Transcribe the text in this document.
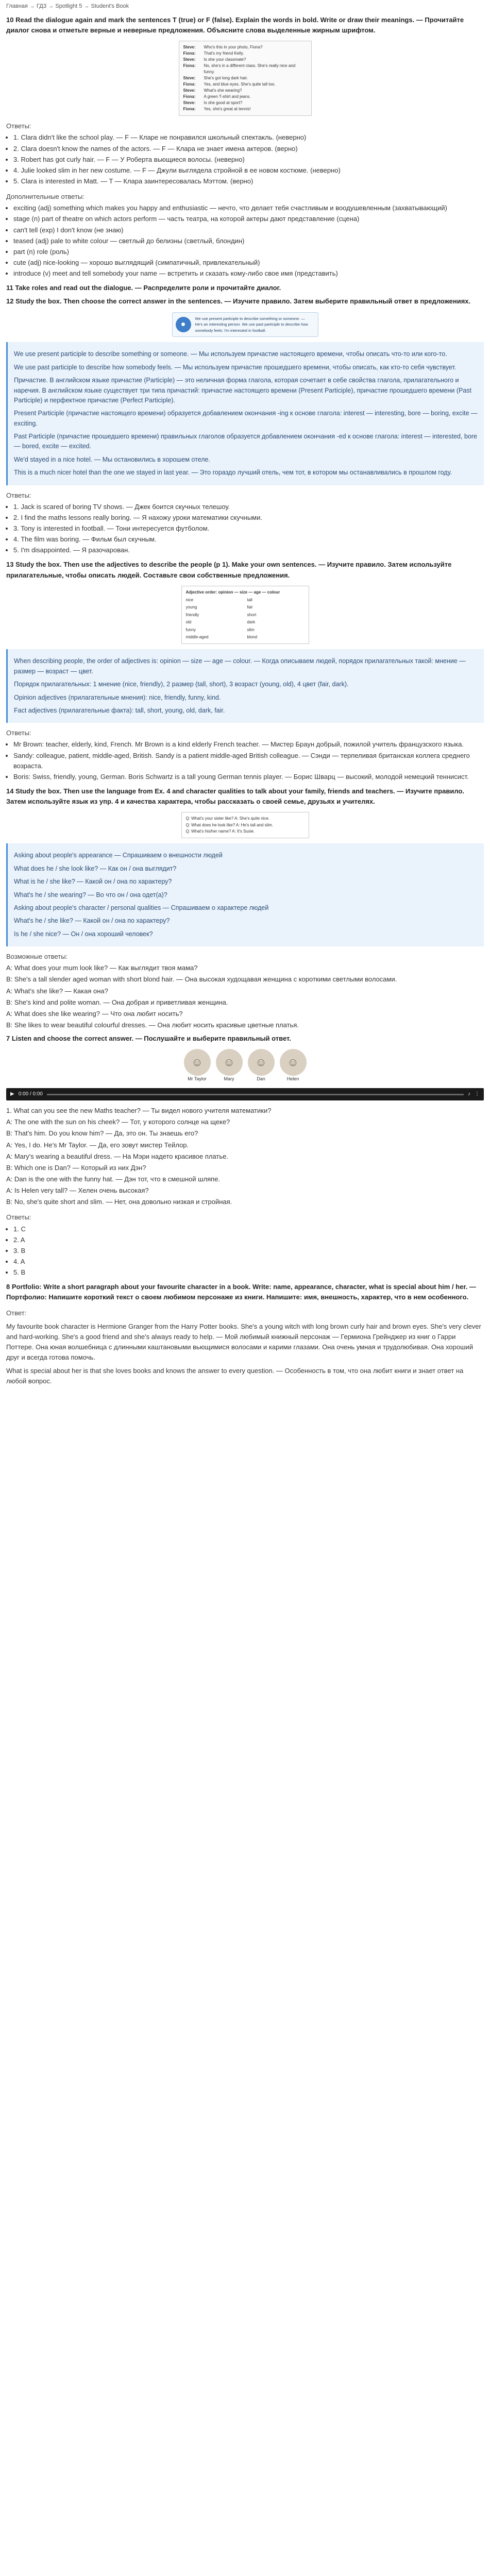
Главная → ГДЗ → Spotlight 5 → Student's Book
10 Read the dialogue again and mark the sentences T (true) or F (false). Explain the words in bold. Write or draw their meanings. — Прочитайте диалог снова и отметьте верные и неверные предложения. Объясните слова выделенные жирным шрифтом.
Steve:	Who's this in your photo, Fiona?
Fiona:	That's my friend Kelly.
Steve:	Is she your classmate?
Fiona:	No, she's in a different class. She's really nice and funny.
Steve:	She's got long dark hair.
Fiona:	Yes, and blue eyes. She's quite tall too.
Steve:	What's she wearing?
Fiona:	A green T-shirt and jeans.
Steve:	Is she good at sport?
Fiona:	Yes, she's great at tennis!
Ответы:
• 1. Clara didn't like the school play. — F — Кларе не понравился школьный спектакль. (неверно)
• 2. Clara doesn't know the names of the actors. — F — Клара не знает имена актеров. (верно)
• 3. Robert has got curly hair. — F — У Роберта вьющиеся волосы. (неверно)
• 4. Julie looked slim in her new costume. — F — Джули выглядела стройной в ее новом костюме. (неверно)
• 5. Clara is interested in Matt. — T — Клара заинтересовалась Мэттом. (верно)
Дополнительные ответы:
• exciting (adj) something which makes you happy and enthusiastic — нечто, что делает тебя счастливым и воодушевленным (захватывающий)
• stage (n) part of theatre on which actors perform — часть театра, на которой актеры дают представление (сцена)
• can't tell (exp) I don't know (не знаю)
• teased (adj) pale to white colour — светлый до белизны (светлый, блондин)
• part (n) role (роль)
• cute (adj) nice-looking — хорошо выглядящий (симпатичный, привлекательный)
• introduce (v) meet and tell somebody your name — встретить и сказать кому-либо свое имя (представить)
11 Take roles and read out the dialogue. — Распределите роли и прочитайте диалог.
12 Study the box. Then choose the correct answer in the sentences. — Изучите правило. Затем выберите правильный ответ в предложениях.
●
We use present participle to describe something or someone. — He's an interesting person. We use past participle to describe how somebody feels: I'm interested in football.

We use present participle to describe something or someone. — Мы используем причастие настоящего времени, чтобы описать что-то или кого-то.

We use past participle to describe how somebody feels. — Мы используем причастие прошедшего времени, чтобы описать, как кто-то себя чувствует.

Причастие. В английском языке причастие (Participle) — это неличная форма глагола, которая сочетает в себе свойства глагола, прилагательного и наречия. В английском языке существует три типа причастий: причастие настоящего времени (Present Participle), причастие прошедшего времени (Past Participle) и перфектное причастие (Perfect Participle).

Present Participle (причастие настоящего времени) образуется добавлением окончания -ing к основе глагола: interest — interesting, bore — boring, excite — exciting.

Past Participle (причастие прошедшего времени) правильных глаголов образуется добавлением окончания -ed к основе глагола: interest — interested, bore — bored, excite — excited.

We'd stayed in a nice hotel. — Мы остановились в хорошем отеле.

This is a much nicer hotel than the one we stayed in last year. — Это гораздо лучший отель, чем тот, в котором мы останавливались в прошлом году.

Ответы:
• 1. Jack is scared of boring TV shows. — Джек боится скучных телешоу.
• 2. I find the maths lessons really boring. — Я нахожу уроки математики скучными.
• 3. Tony is interested in football. — Тони интересуется футболом.
• 4. The film was boring. — Фильм был скучным.
• 5. I'm disappointed. — Я разочарован.
13 Study the box. Then use the adjectives to describe the people (p 1). Make your own sentences. — Изучите правило. Затем используйте прилагательные, чтобы описать людей. Составьте свои собственные предложения.
Adjective order: opinion — size — age — colour
nice	tall
young	fair
friendly	short
old	dark
funny	slim
middle-aged	blond

When describing people, the order of adjectives is: opinion — size — age — colour. — Когда описываем людей, порядок прилагательных такой: мнение — размер — возраст — цвет.

Порядок прилагательных: 1 мнение (nice, friendly), 2 размер (tall, short), 3 возраст (young, old), 4 цвет (fair, dark).

Opinion adjectives (прилагательные мнения): nice, friendly, funny, kind.

Fact adjectives (прилагательные факта): tall, short, young, old, dark, fair.

Ответы:
• Mr Brown: teacher, elderly, kind, French. Mr Brown is a kind elderly French teacher. — Мистер Браун добрый, пожилой учитель французского языка.
• Sandy: colleague, patient, middle-aged, British. Sandy is a patient middle-aged British colleague. — Сэнди — терпеливая британская коллега среднего возраста.
• Boris: Swiss, friendly, young, German. Boris Schwartz is a tall young German tennis player. — Борис Шварц — высокий, молодой немецкий теннисист.
14 Study the box. Then use the language from Ex. 4 and character qualities to talk about your family, friends and teachers. — Изучите правило. Затем используйте язык из упр. 4 и качества характера, чтобы рассказать о своей семье, друзьях и учителях.
Q: What's your sister like? A: She's quite nice.
Q: What does he look like? A: He's tall and slim.
Q: What's his/her name? A: It's Susie.

Asking about people's appearance — Спрашиваем о внешности людей

What does he / she look like? — Как он / она выглядит?

What is he / she like? — Какой он / она по характеру?

What's he / she wearing? — Во что он / она одет(а)?

Asking about people's character / personal qualities — Спрашиваем о характере людей

What's he / she like? — Какой он / она по характеру?

Is he / she nice? — Он / она хороший человек?

Возможные ответы:

A: What does your mum look like? — Как выглядит твоя мама?

B: She's a tall slender aged woman with short blond hair. — Она высокая худощавая женщина с короткими светлыми волосами.

A: What's she like? — Какая она?

B: She's kind and polite woman. — Она добрая и приветливая женщина.

A: What does she like wearing? — Что она любит носить?

B: She likes to wear beautiful colourful dresses. — Она любит носить красивые цветные платья.

7 Listen and choose the correct answer. — Послушайте и выберите правильный ответ.
☺
Mr Taylor
☺
Mary
☺
Dan
☺
Helen
▶ 0:00 / 0:00	♪ ⋮

1. What can you see the new Maths teacher? — Ты видел нового учителя математики?

A: The one with the sun on his cheek? — Тот, у которого солнце на щеке?

B: That's him. Do you know him? — Да, это он. Ты знаешь его?

A: Yes, I do. He's Mr Taylor. — Да, его зовут мистер Тейлор.

A: Mary's wearing a beautiful dress. — На Мэри надето красивое платье.

B: Which one is Dan? — Который из них Дэн?

A: Dan is the one with the funny hat. — Дэн тот, что в смешной шляпе.

A: Is Helen very tall? — Хелен очень высокая?

B: No, she's quite short and slim. — Нет, она довольно низкая и стройная.

Ответы:
• 1. C
• 2. A
• 3. B
• 4. A
• 5. B
8 Portfolio: Write a short paragraph about your favourite character in a book. Write: name, appearance, character, what is special about him / her. — Портфолио: Напишите короткий текст о своем любимом персонаже из книги. Напишите: имя, внешность, характер, что в нем особенного.
Ответ:

My favourite book character is Hermione Granger from the Harry Potter books. She's a young witch with long brown curly hair and brown eyes. She's very clever and hard-working. She's a good friend and she's always ready to help. — Мой любимый книжный персонаж — Гермиона Грейнджер из книг о Гарри Поттере. Она юная волшебница с длинными каштановыми вьющимися волосами и карими глазами. Она очень умная и трудолюбивая. Она хороший друг и всегда готова помочь.

What is special about her is that she loves books and knows the answer to every question. — Особенность в том, что она любит книги и знает ответ на любой вопрос.
